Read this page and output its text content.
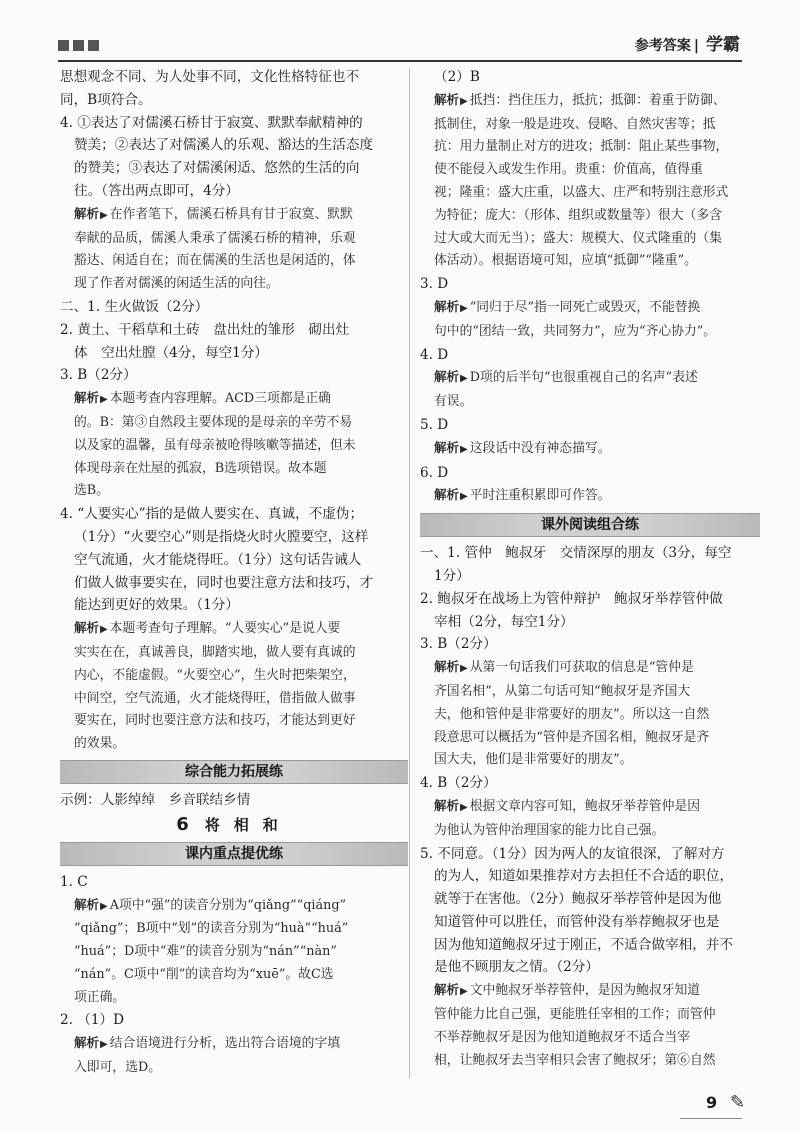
参考答案 | 学霸

思想观念不同、为人处事不同，文化性格特征也不

同，B项符合。

4. ①表达了对儒溪石桥甘于寂寞、默默奉献精神的

赞美；②表达了对儒溪人的乐观、豁达的生活态度

的赞美；③表达了对儒溪闲适、悠然的生活的向

往。（答出两点即可，4分）

解析▶ 在作者笔下，儒溪石桥具有甘于寂寞、默默
奉献的品质，儒溪人秉承了儒溪石桥的精神，乐观
豁达、闲适自在；而在儒溪的生活也是闲适的，体
现了作者对儒溪的闲适生活的向往。

二、1. 生火做饭（2分）

2. 黄土、干稻草和土砖　盘出灶的雏形　砌出灶

体　空出灶膛（4分，每空1分）

3. B（2分）

解析▶ 本题考查内容理解。ACD三项都是正确
的。B：第③自然段主要体现的是母亲的辛劳不易
以及家的温馨，虽有母亲被呛得咳嗽等描述，但未
体现母亲在灶屋的孤寂，B选项错误。故本题
选B。

4. “人要实心”指的是做人要实在、真诚，不虚伪；

（1分）“火要空心”则是指烧火时火膛要空，这样

空气流通，火才能烧得旺。（1分）这句话告诫人

们做人做事要实在，同时也要注意方法和技巧，才

能达到更好的效果。（1分）

解析▶ 本题考查句子理解。“人要实心”是说人要
实实在在，真诚善良，脚踏实地，做人要有真诚的
内心，不能虚假。“火要空心”，生火时把柴架空，
中间空，空气流通，火才能烧得旺，借指做人做事
要实在，同时也要注意方法和技巧，才能达到更好
的效果。
综合能力拓展练

示例：人影绰绰　乡音联结乡情

6 将相和
课内重点提优练

1. C

解析▶ A项中“强”的读音分别为“qiǎng”“qiáng”
“qiǎng”；B项中“划”的读音分别为“huà”“huá”
“huá”；D项中“难”的读音分别为“nán”“nàn”
“nán”。C项中“削”的读音均为“xuē”。故C选
项正确。

2. （1）D

解析▶ 结合语境进行分析，选出符合语境的字填
入即可，选D。

（2）B

解析▶ 抵挡：挡住压力，抵抗；抵御：着重于防御、
抵制住，对象一般是进攻、侵略、自然灾害等；抵
抗：用力量制止对方的进攻；抵制：阻止某些事物，
使不能侵入或发生作用。贵重：价值高，值得重
视；隆重：盛大庄重，以盛大、庄严和特别注意形式
为特征；庞大：（形体、组织或数量等）很大（多含
过大或大而无当）；盛大：规模大、仪式隆重的（集
体活动）。根据语境可知，应填“抵御”“隆重”。

3. D

解析▶ “同归于尽”指一同死亡或毁灭，不能替换
句中的“团结一致，共同努力”，应为“齐心协力”。

4. D

解析▶ D项的后半句“也很重视自己的名声”表述
有误。

5. D

解析▶ 这段话中没有神态描写。

6. D

解析▶ 平时注重积累即可作答。
课外阅读组合练

一、1. 管仲　鲍叔牙　交情深厚的朋友（3分，每空

1分）

2. 鲍叔牙在战场上为管仲辩护　鲍叔牙举荐管仲做

宰相（2分，每空1分）

3. B（2分）

解析▶ 从第一句话我们可获取的信息是“管仲是
齐国名相”，从第二句话可知“鲍叔牙是齐国大
夫，他和管仲是非常要好的朋友”。所以这一自然
段意思可以概括为“管仲是齐国名相，鲍叔牙是齐
国大夫，他们是非常要好的朋友”。

4. B（2分）

解析▶ 根据文章内容可知，鲍叔牙举荐管仲是因
为他认为管仲治理国家的能力比自己强。

5. 不同意。（1分）因为两人的友谊很深，了解对方

的为人，知道如果推荐对方去担任不合适的职位，

就等于在害他。（2分）鲍叔牙举荐管仲是因为他

知道管仲可以胜任，而管仲没有举荐鲍叔牙也是

因为他知道鲍叔牙过于刚正，不适合做宰相，并不

是他不顾朋友之情。（2分）

解析▶ 文中鲍叔牙举荐管仲，是因为鲍叔牙知道
管仲能力比自己强，更能胜任宰相的工作；而管仲
不举荐鲍叔牙是因为他知道鲍叔牙不适合当宰
相，让鲍叔牙去当宰相只会害了鲍叔牙；第⑥自然
9 ✎
